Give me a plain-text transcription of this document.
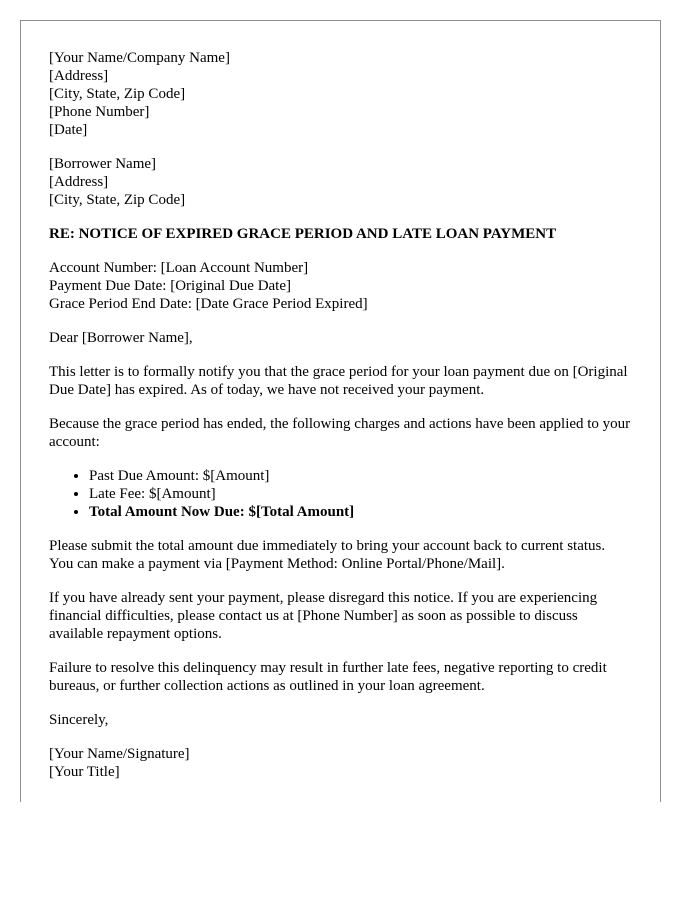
[Your Name/Company Name]
[Address]
[City, State, Zip Code]
[Phone Number]
[Date]
[Borrower Name]
[Address]
[City, State, Zip Code]
RE: NOTICE OF EXPIRED GRACE PERIOD AND LATE LOAN PAYMENT
Account Number: [Loan Account Number]
Payment Due Date: [Original Due Date]
Grace Period End Date: [Date Grace Period Expired]

Dear [Borrower Name],

This letter is to formally notify you that the grace period for your loan payment due on [Original Due Date] has expired. As of today, we have not received your payment.

Because the grace period has ended, the following charges and actions have been applied to your account:

• Past Due Amount: $[Amount]
• Late Fee: $[Amount]
• Total Amount Now Due: $[Total Amount]

Please submit the total amount due immediately to bring your account back to current status. You can make a payment via [Payment Method: Online Portal/Phone/Mail].

If you have already sent your payment, please disregard this notice. If you are experiencing financial difficulties, please contact us at [Phone Number] as soon as possible to discuss available repayment options.

Failure to resolve this delinquency may result in further late fees, negative reporting to credit bureaus, or further collection actions as outlined in your loan agreement.

Sincerely,

[Your Name/Signature]
[Your Title]
